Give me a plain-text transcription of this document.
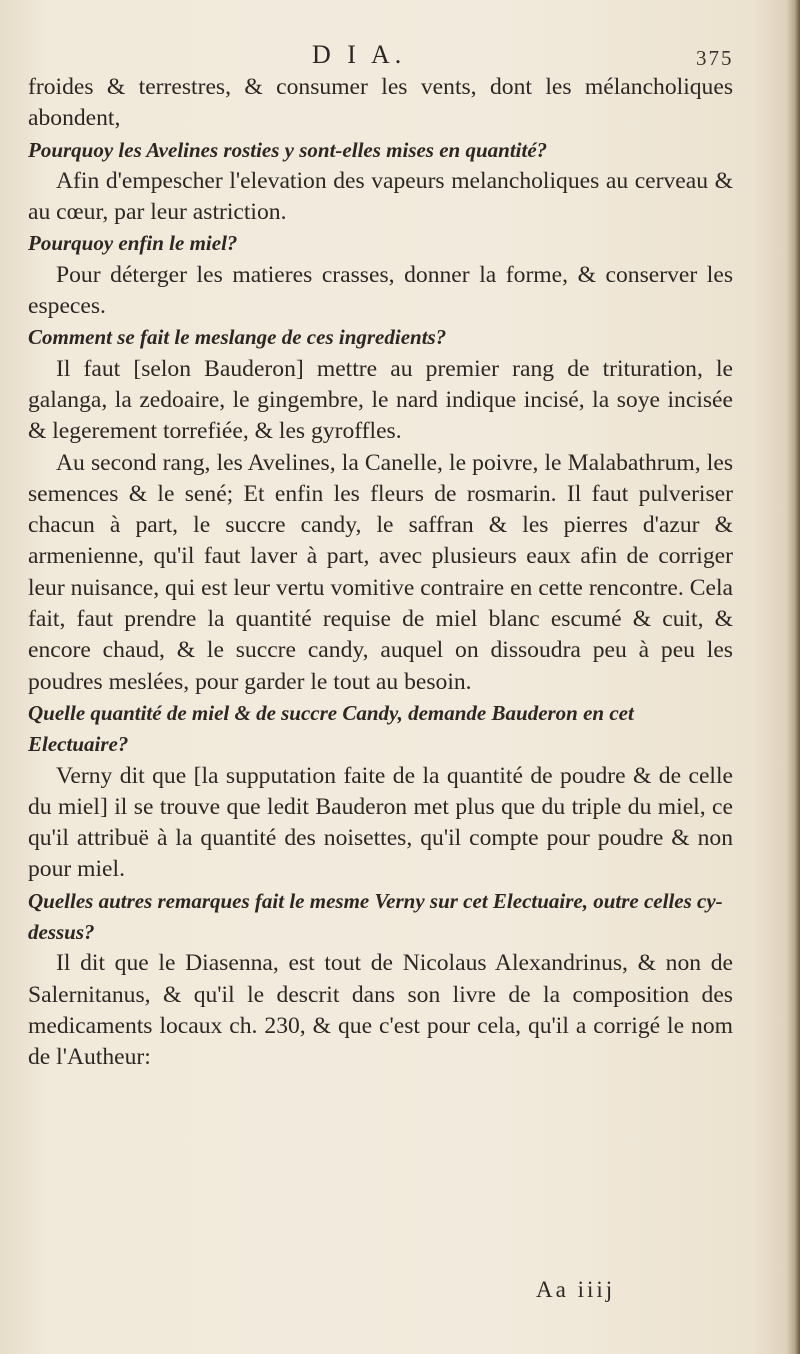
D I A.	375

froides & terrestres, & consumer les vents, dont les mélancholiques abondent,

Pourquoy les Avelines rosties y sont-elles mises en quantité?

Afin d'empescher l'elevation des vapeurs melancholiques au cerveau & au cœur, par leur astriction.

Pourquoy enfin le miel?

Pour déterger les matieres crasses, donner la forme, & conserver les especes.

Comment se fait le meslange de ces ingredients?

Il faut [selon Bauderon] mettre au premier rang de trituration, le galanga, la zedoaire, le gingembre, le nard indique incisé, la soye incisée & legerement torrefiée, & les gyroffles.

Au second rang, les Avelines, la Canelle, le poivre, le Malabathrum, les semences & le sené; Et enfin les fleurs de rosmarin. Il faut pulveriser chacun à part, le succre candy, le saffran & les pierres d'azur & armenienne, qu'il faut laver à part, avec plusieurs eaux afin de corriger leur nuisance, qui est leur vertu vomitive contraire en cette rencontre. Cela fait, faut prendre la quantité requise de miel blanc escumé & cuit, & encore chaud, & le succre candy, auquel on dissoudra peu à peu les poudres meslées, pour garder le tout au besoin.

Quelle quantité de miel & de succre Candy, demande Bauderon en cet Electuaire?

Verny dit que [la supputation faite de la quantité de poudre & de celle du miel] il se trouve que ledit Bauderon met plus que du triple du miel, ce qu'il attribuë à la quantité des noisettes, qu'il compte pour poudre & non pour miel.

Quelles autres remarques fait le mesme Verny sur cet Electuaire, outre celles cy-dessus?

Il dit que le Diasenna, est tout de Nicolaus Alexandrinus, & non de Salernitanus, & qu'il le descrit dans son livre de la composition des medicaments locaux ch. 230, & que c'est pour cela, qu'il a corrigé le nom de l'Autheur:

Aa iiij
